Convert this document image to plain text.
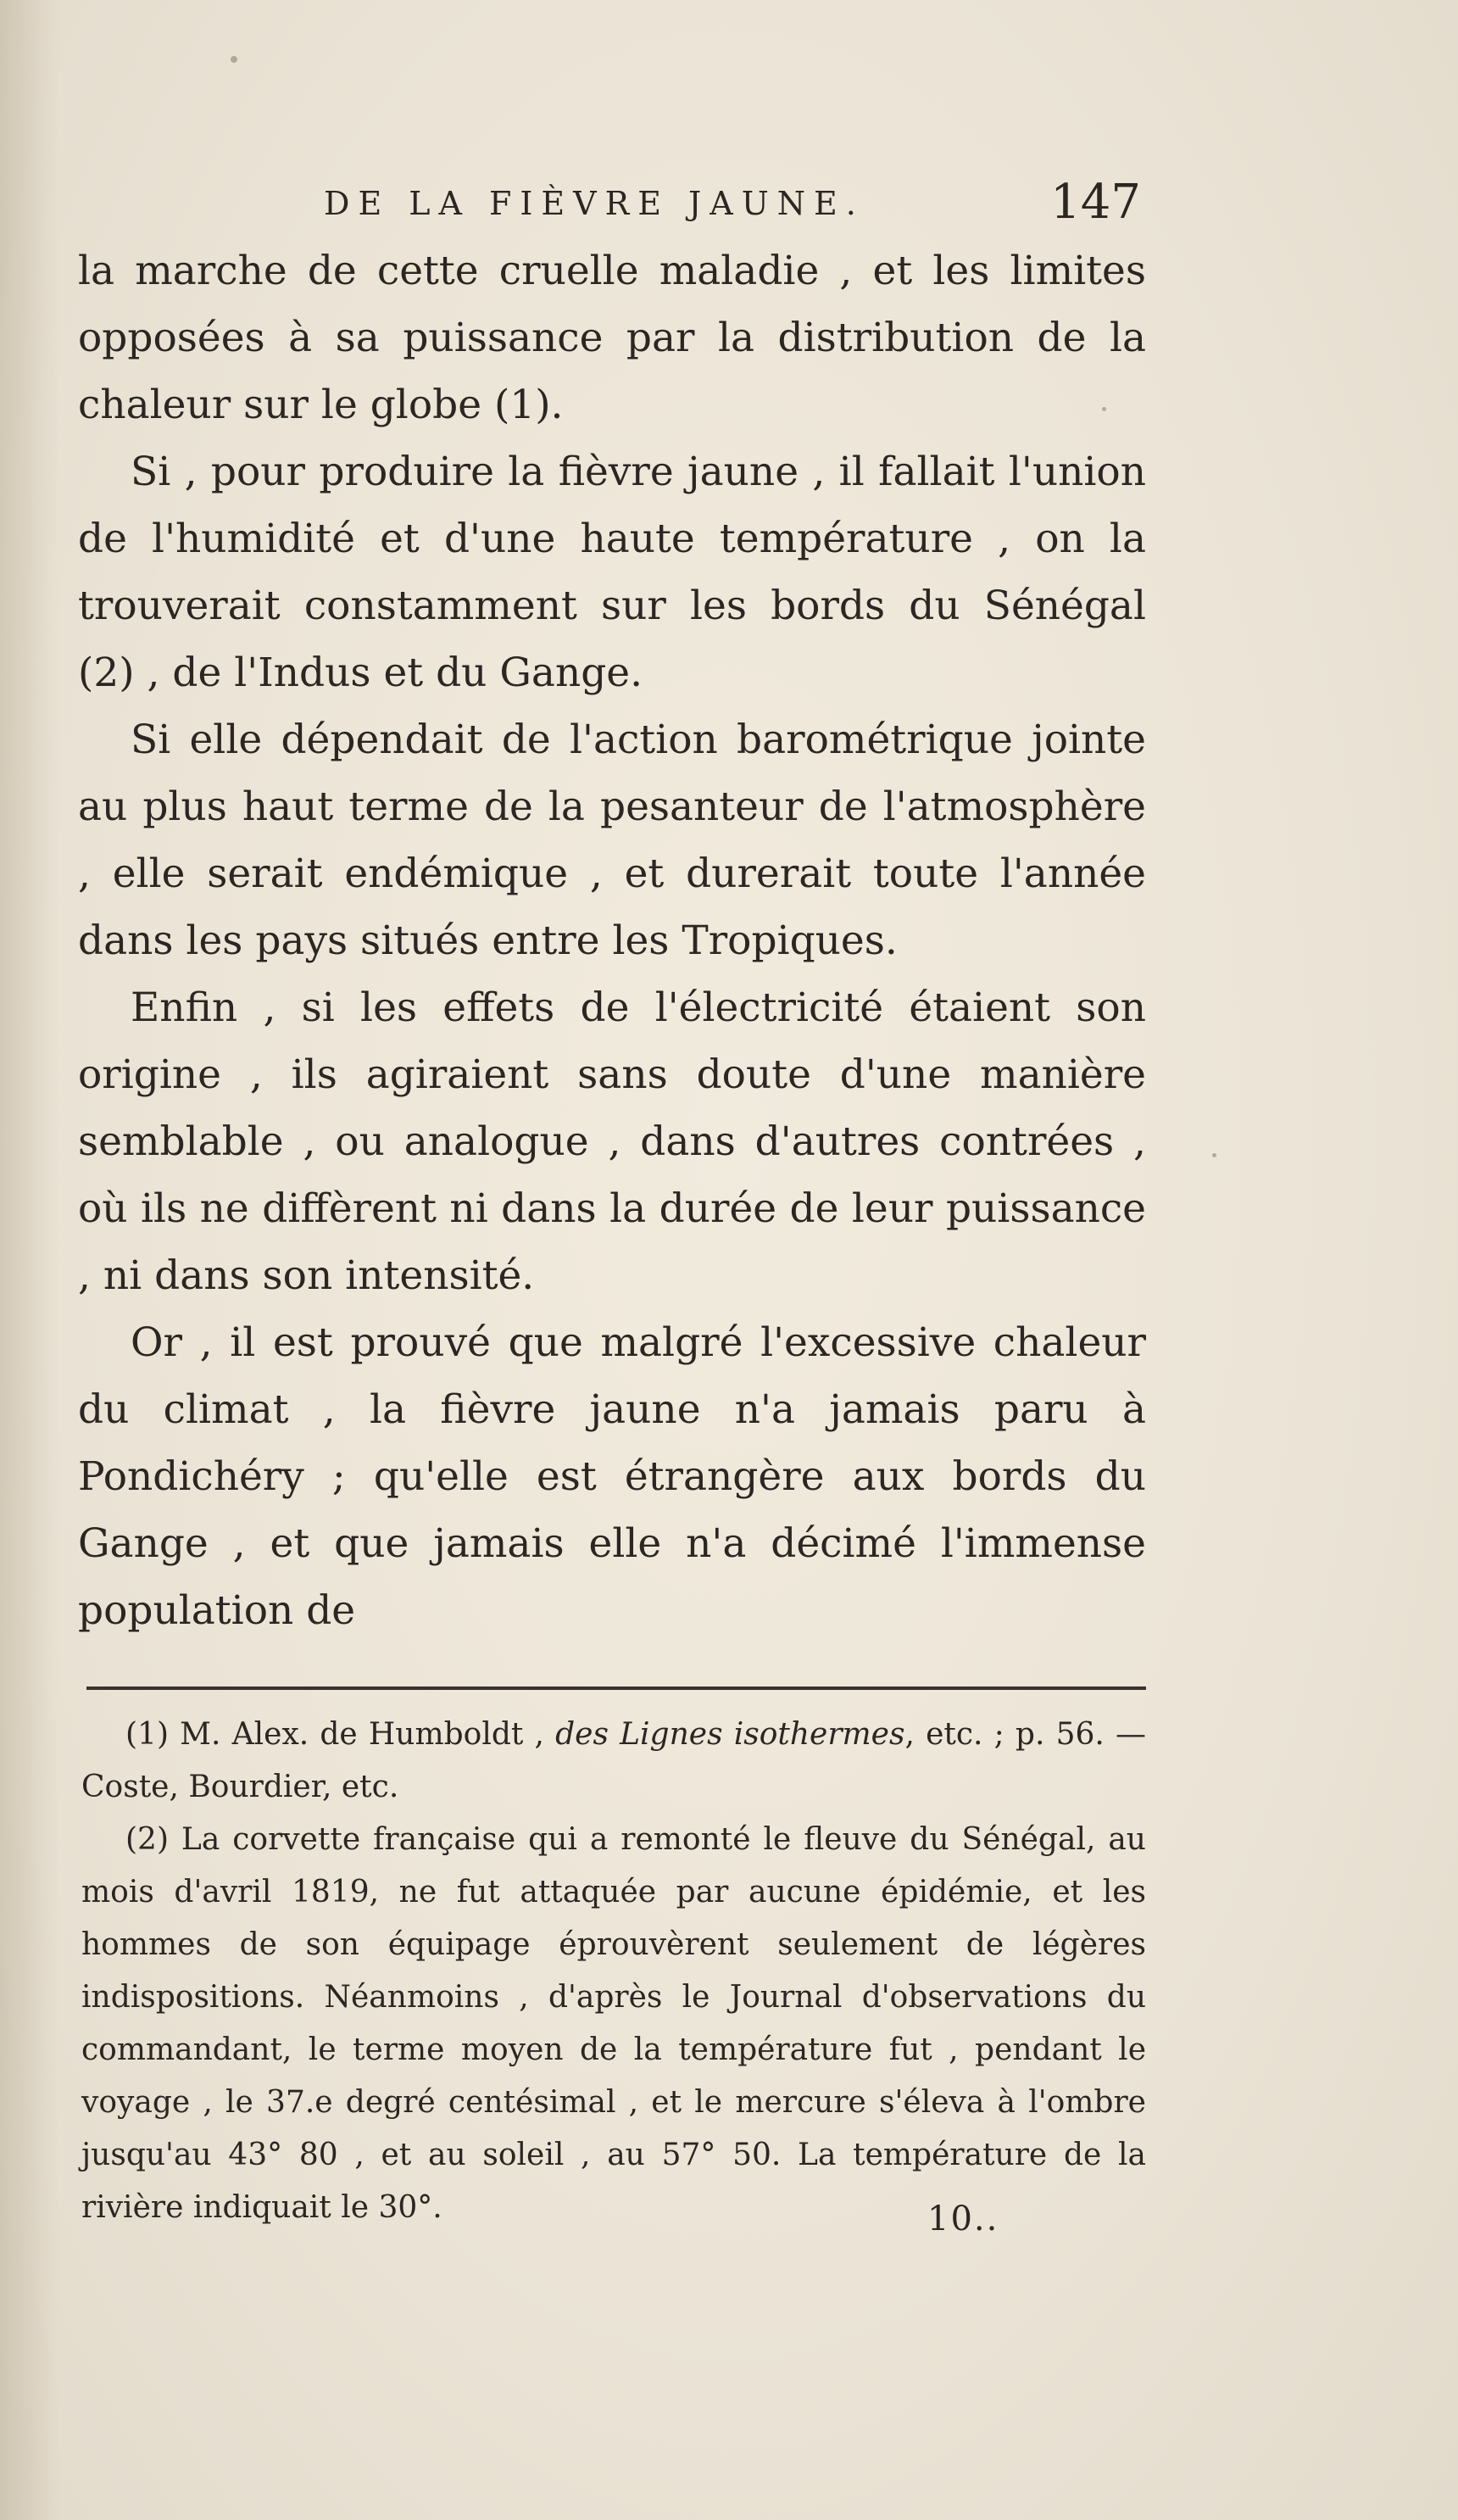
DE LA FIÈVRE JAUNE.	147

la marche de cette cruelle maladie , et les limites opposées à sa puissance par la distribution de la chaleur sur le globe (1).

Si , pour produire la fièvre jaune , il fallait l'union de l'humidité et d'une haute température , on la trouverait constamment sur les bords du Sénégal (2) , de l'Indus et du Gange.

Si elle dépendait de l'action barométrique jointe au plus haut terme de la pesanteur de l'atmosphère , elle serait endémique , et durerait toute l'année dans les pays situés entre les Tropiques.

Enfin , si les effets de l'électricité étaient son origine , ils agiraient sans doute d'une manière semblable , ou analogue , dans d'autres contrées , où ils ne diffèrent ni dans la durée de leur puissance , ni dans son intensité.

Or , il est prouvé que malgré l'excessive chaleur du climat , la fièvre jaune n'a jamais paru à Pondichéry ; qu'elle est étrangère aux bords du Gange , et que jamais elle n'a décimé l'immense population de

(1) M. Alex. de Humboldt , des Lignes isothermes, etc. ; p. 56. — Coste, Bourdier, etc.

(2) La corvette française qui a remonté le fleuve du Sénégal, au mois d'avril 1819, ne fut attaquée par aucune épidémie, et les hommes de son équipage éprouvèrent seulement de légères indispositions. Néanmoins , d'après le Journal d'observations du commandant, le terme moyen de la température fut , pendant le voyage , le 37.e degré centésimal , et le mercure s'éleva à l'ombre jusqu'au 43° 80 , et au soleil , au 57° 50. La température de la rivière indiquait le 30°.	10..
